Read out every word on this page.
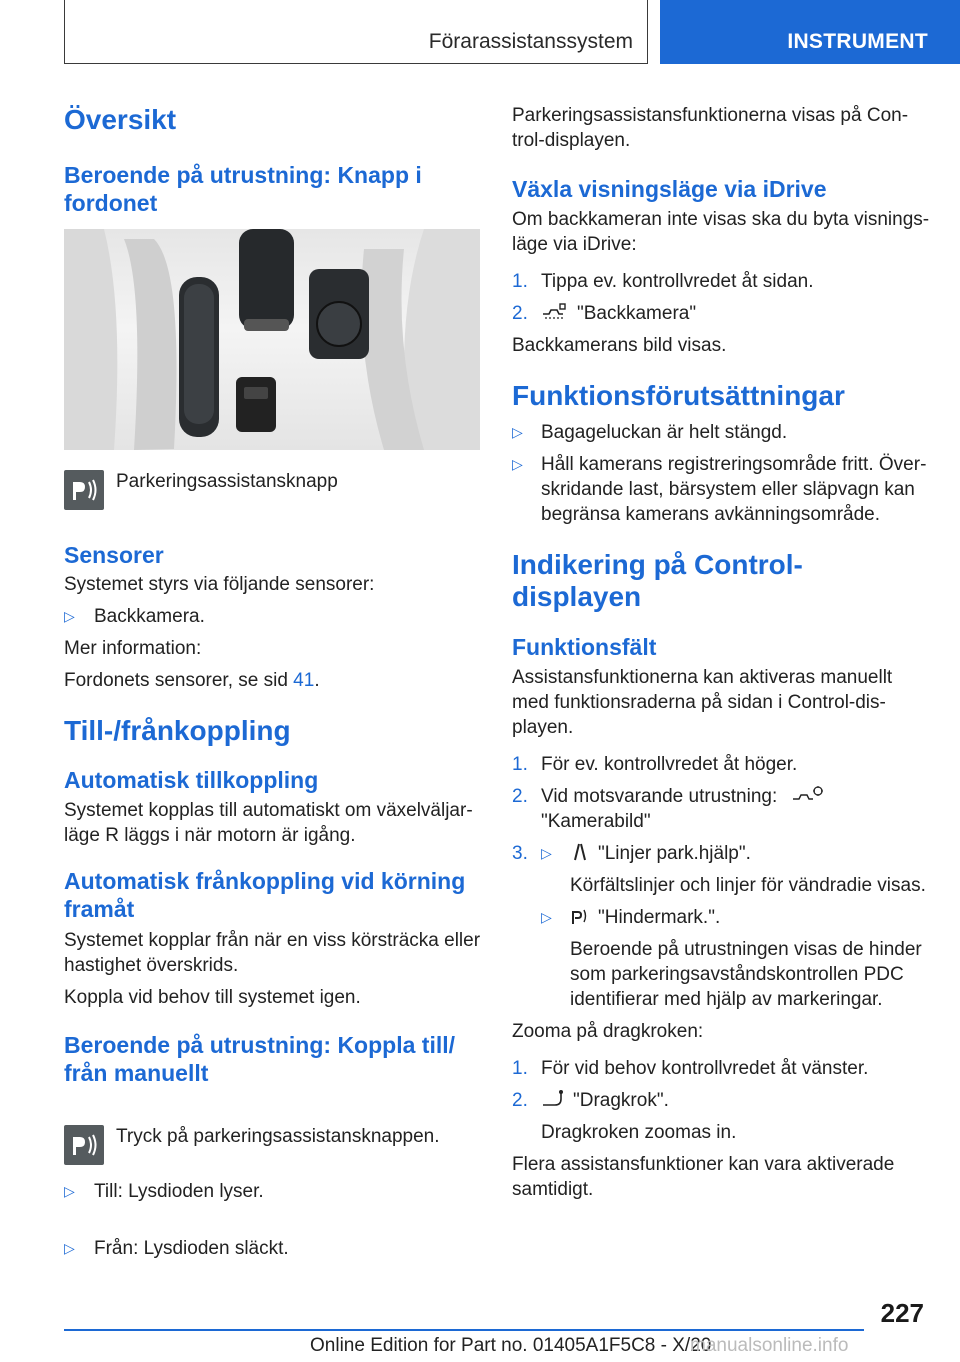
Förarassistanssystem	INSTRUMENT
Översikt
Beroende på utrustning: Knapp i fordonet
Parkeringsassistansknapp
Sensorer
Systemet styrs via följande sensorer:
▷ Backkamera.
Mer information:
Fordonets sensorer, se sid 41.
Till-/frånkoppling
Automatisk tillkoppling
Systemet kopplas till automatiskt om växelväljar-läge R läggs i när motorn är igång.
Automatisk frånkoppling vid körning framåt
Systemet kopplar från när en viss körsträcka eller hastighet överskrids.
Koppla vid behov till systemet igen.
Beroende på utrustning: Koppla till/ från manuellt
Tryck på parkeringsassistansknappen.
▷ Till: Lysdioden lyser.
▷ Från: Lysdioden släckt.
Parkeringsassistansfunktionerna visas på Con-trol-displayen.
Växla visningsläge via iDrive
Om backkameran inte visas ska du byta visnings-läge via iDrive:
1. Tippa ev. kontrollvredet åt sidan.
2.	"Backkamera"
Backkamerans bild visas.
Funktionsförutsättningar
▷ Bagageluckan är helt stängd.
▷ Håll kamerans registreringsområde fritt. Över-skridande last, bärsystem eller släpvagn kan begränsa kamerans avkänningsområde.
Indikering på Control-displayen
Funktionsfält
Assistansfunktionerna kan aktiveras manuellt med funktionsraderna på sidan i Control-dis-playen.
1. För ev. kontrollvredet åt höger.
2. Vid motsvarande utrustning:
"Kamerabild"
3. ▷ "Linjer park.hjälp".
Körfältslinjer och linjer för vändradie visas.
▷ "Hindermark.".
Beroende på utrustningen visas de hinder som parkeringsavståndskontrollen PDC identifierar med hjälp av markeringar.
Zooma på dragkroken:
1. För vid behov kontrollvredet åt vänster.
2. "Dragkrok".
Dragkroken zoomas in.
Flera assistansfunktioner kan vara aktiverade samtidigt.
227
Online Edition for Part no. 01405A1F5C8 - X/20
manualsonline.info
